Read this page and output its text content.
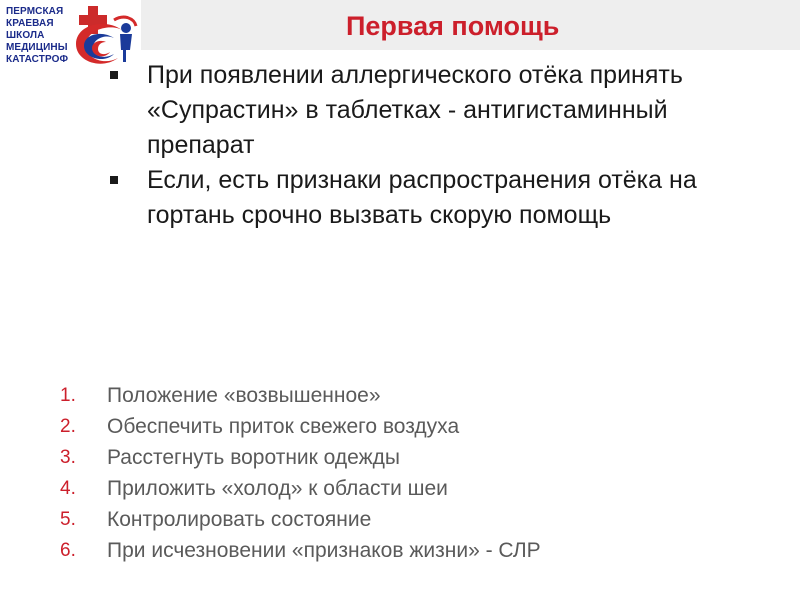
Первая помощь
ПЕРМСКАЯ
КРАЕВАЯ
ШКОЛА
МЕДИЦИНЫ
КАТАСТРОФ
При появлении аллергического отёка принять «Супрастин» в таблетках - антигистаминный препарат
Если, есть признаки распространения отёка на гортань срочно вызвать скорую помощь
1. Положение «возвышенное»
2. Обеспечить приток свежего воздуха
3. Расстегнуть воротник одежды
4. Приложить «холод» к области шеи
5. Контролировать состояние
6. При исчезновении «признаков жизни» - СЛР
